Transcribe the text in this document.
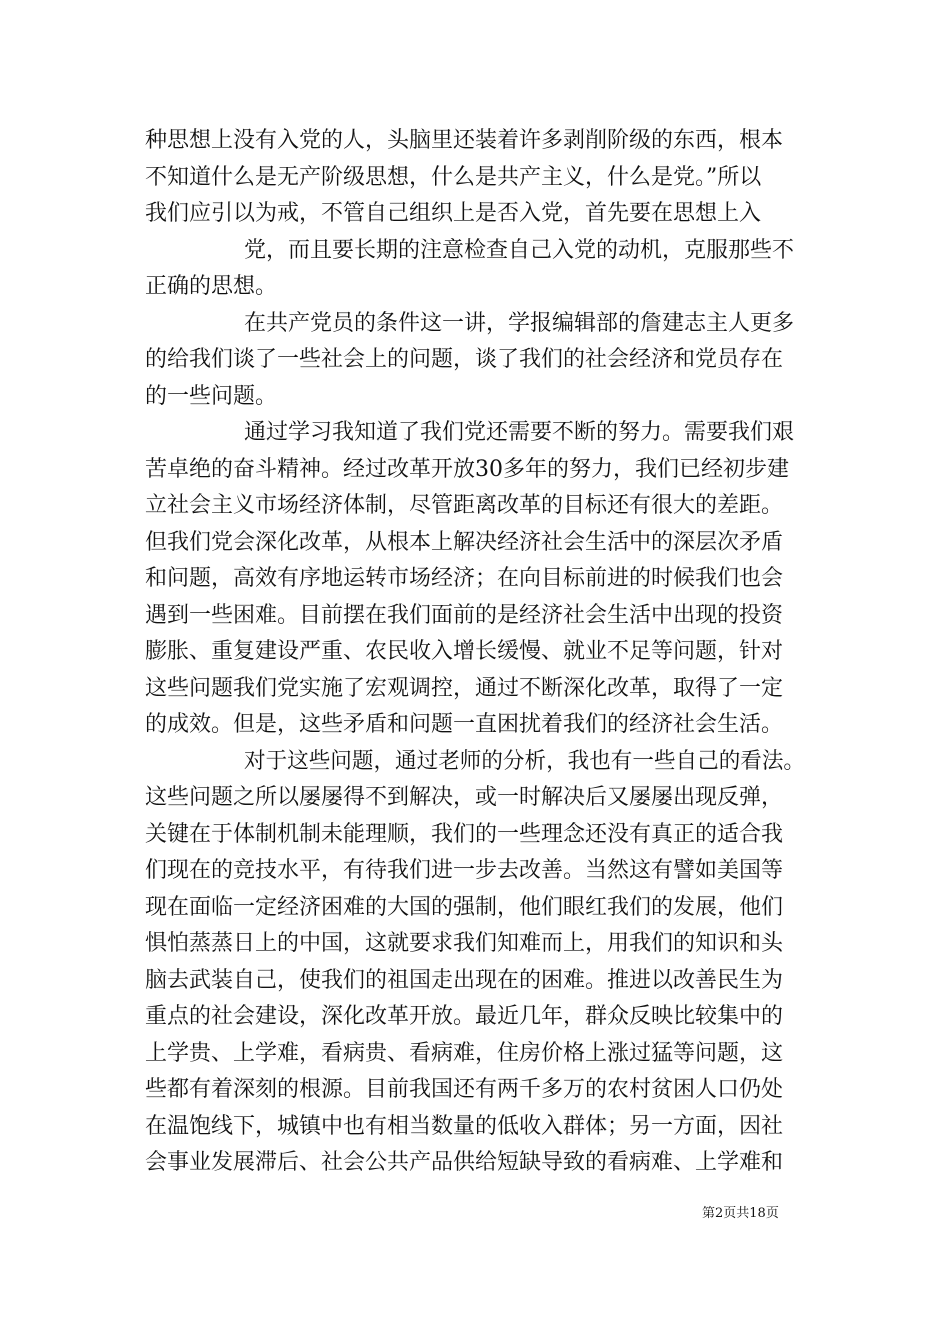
种思想上没有入党的人，头脑里还装着许多剥削阶级的东西，根本
不知道什么是无产阶级思想，什么是共产主义，什么是党。”所以
我们应引以为戒，不管自己组织上是否入党，首先要在思想上入
党，而且要长期的注意检查自己入党的动机，克服那些不
正确的思想。
在共产党员的条件这一讲，学报编辑部的詹建志主人更多
的给我们谈了一些社会上的问题，谈了我们的社会经济和党员存在
的一些问题。
通过学习我知道了我们党还需要不断的努力。需要我们艰
苦卓绝的奋斗精神。经过改革开放30多年的努力，我们已经初步建
立社会主义市场经济体制，尽管距离改革的目标还有很大的差距。
但我们党会深化改革，从根本上解决经济社会生活中的深层次矛盾
和问题，高效有序地运转市场经济；在向目标前进的时候我们也会
遇到一些困难。目前摆在我们面前的是经济社会生活中出现的投资
膨胀、重复建设严重、农民收入增长缓慢、就业不足等问题，针对
这些问题我们党实施了宏观调控，通过不断深化改革，取得了一定
的成效。但是，这些矛盾和问题一直困扰着我们的经济社会生活。
对于这些问题，通过老师的分析，我也有一些自己的看法。
这些问题之所以屡屡得不到解决，或一时解决后又屡屡出现反弹，
关键在于体制机制未能理顺，我们的一些理念还没有真正的适合我
们现在的竞技水平，有待我们进一步去改善。当然这有譬如美国等
现在面临一定经济困难的大国的强制，他们眼红我们的发展，他们
惧怕蒸蒸日上的中国，这就要求我们知难而上，用我们的知识和头
脑去武装自己，使我们的祖国走出现在的困难。推进以改善民生为
重点的社会建设，深化改革开放。最近几年，群众反映比较集中的
上学贵、上学难，看病贵、看病难，住房价格上涨过猛等问题，这
些都有着深刻的根源。目前我国还有两千多万的农村贫困人口仍处
在温饱线下，城镇中也有相当数量的低收入群体；另一方面，因社
会事业发展滞后、社会公共产品供给短缺导致的看病难、上学难和
第2页共18页
